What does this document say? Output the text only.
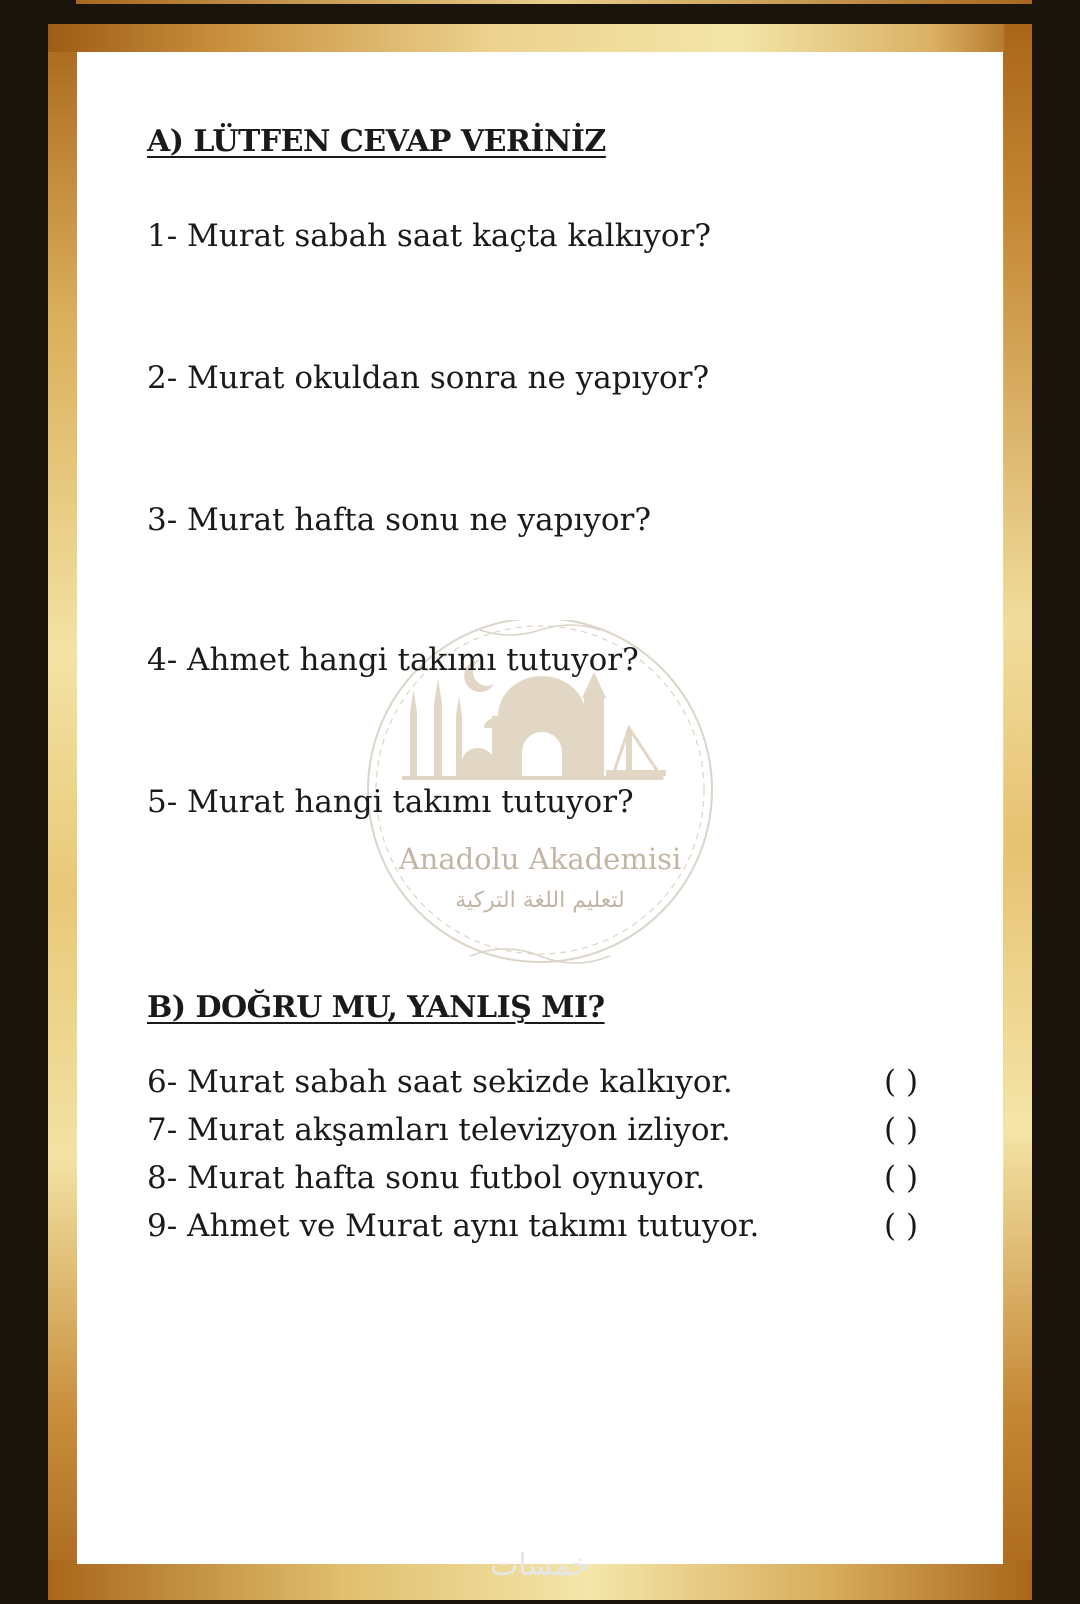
Anadolu Akademisi
لتعليم اللغة التركية
A) LÜTFEN CEVAP VERİNİZ
1- Murat sabah saat kaçta kalkıyor?
2- Murat okuldan sonra ne yapıyor?
3- Murat hafta sonu ne yapıyor?
4- Ahmet hangi takımı tutuyor?
5- Murat hangi takımı tutuyor?
B) DOĞRU MU, YANLIŞ MI?
6- Murat sabah saat sekizde kalkıyor.	( )
7- Murat akşamları televizyon izliyor.	( )
8- Murat hafta sonu futbol oynuyor.	( )
9- Ahmet ve Murat aynı takımı tutuyor.	( )
خمسات
